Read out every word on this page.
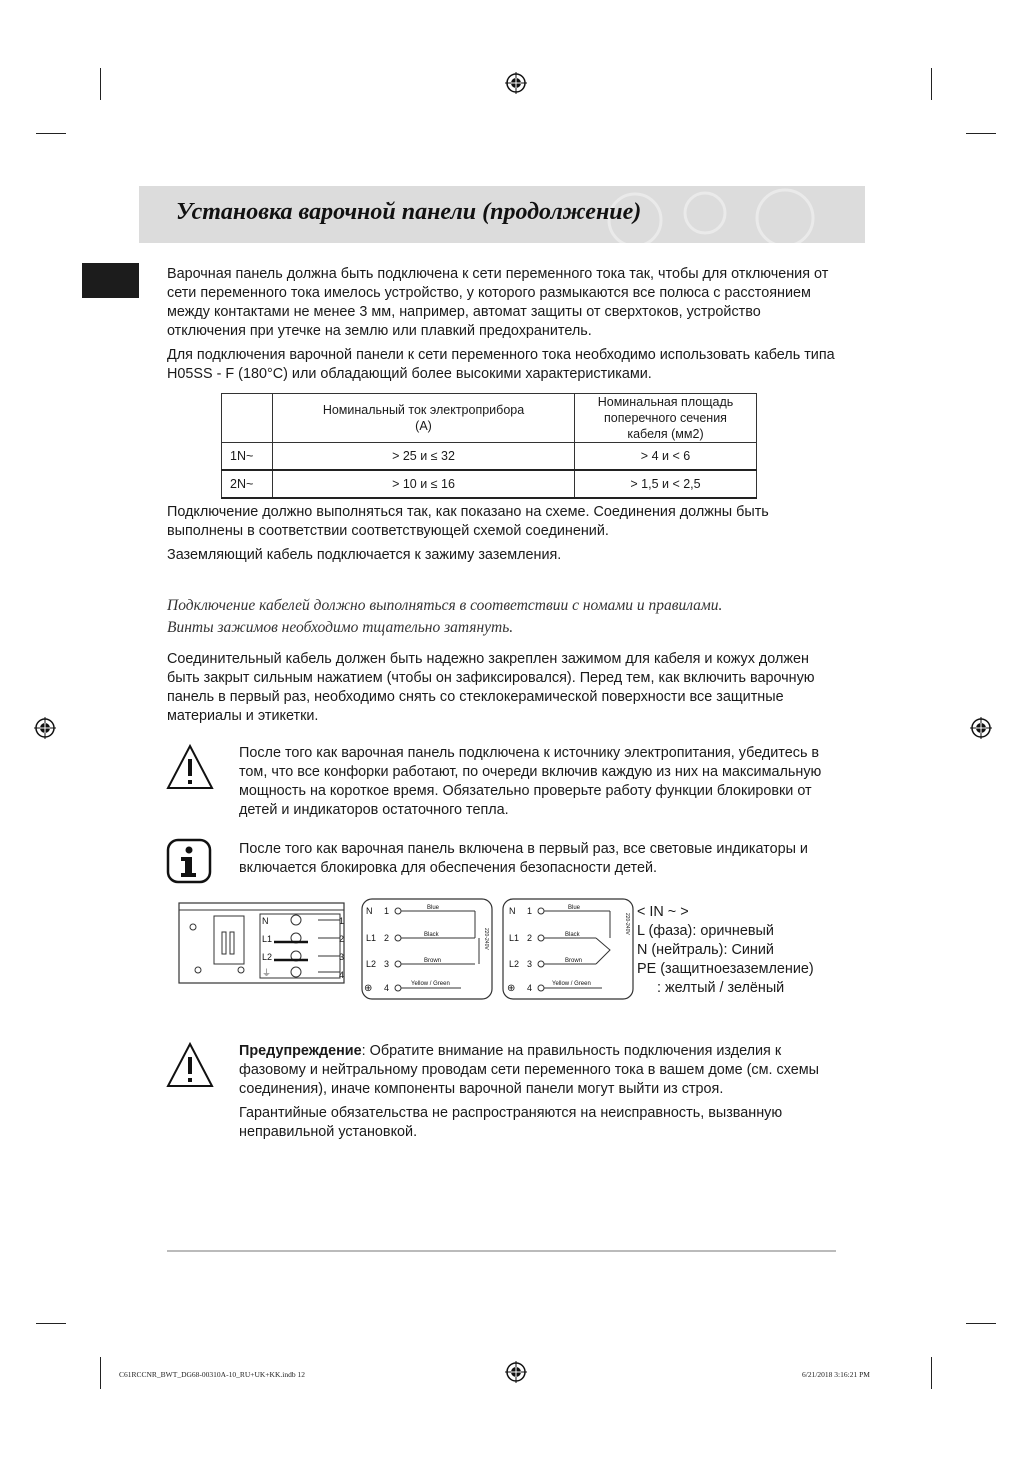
Установка варочной панели (продолжение)

Варочная панель должна быть подключена к сети переменного тока так, чтобы для отключения от сети переменного тока имелось устройство, у которого размыкаются все полюса с расстоянием между контактами не менее 3 мм, например, автомат защиты от сверхтоков, устройство отключения при утечке на землю или плавкий предохранитель.

Для подключения варочной панели к сети переменного тока необходимо использовать кабель типа H05SS - F (180°C) или обладающий более высокими характеристиками.

	Номинальный ток электроприбора (А)	Номинальная площадь поперечного сечения кабеля (мм2)
1N~	> 25 и ≤ 32	> 4 и < 6
2N~	> 10 и ≤ 16	> 1,5 и < 2,5

Подключение должно выполняться так, как показано на схеме. Соединения должны быть выполнены в соответствии соответствующей схемой соединений.

Заземляющий кабель подключается к зажиму заземления.

Подключение кабелей должно выполняться в соответствии с номами и правилами.
Винты зажимов необходимо тщательно затянуть.
Соединительный кабель должен быть надежно закреплен зажимом для кабеля и кожух должен быть закрыт сильным нажатием (чтобы он зафиксировался). Перед тем, как включить варочную панель в первый раз, необходимо снять со стеклокерамической поверхности все защитные материалы и этикетки.
После того как варочная панель подключена к источнику электропитания, убедитесь в том, что все конфорки работают, по очереди включив каждую из них на максимальную мощность на короткое время. Обязательно проверьте работу функции блокировки от детей и индикаторов остаточного тепла.
После того как варочная панель включена в первый раз, все световые индикаторы и включается блокировка для обеспечения безопасности детей.
N
L1
L2
⏚
1
2
3
4
N
L1
L2
⊕
1
2
3
4
Blue
Black
Brown
Yellow / Green
220-240V
N
L1
L2
⊕
1
2
3
4
Blue
Black
Brown
Yellow / Green
220-240V
< IN ~ >
L (фаза): оричневый
N (нейтраль): Синий
PE (защитноезаземление)
: желтый / зелёный

Предупреждение: Обратите внимание на правильность подключения изделия к фазовому и нейтральному проводам сети переменного тока в вашем доме (см. схемы соединения), иначе компоненты варочной панели могут выйти из строя.

Гарантийные обязательства не распространяются на неисправность, вызванную неправильной установкой.

C61RCCNR_BWT_DG68-00310A-10_RU+UK+KK.indb 12	6/21/2018 3:16:21 PM
